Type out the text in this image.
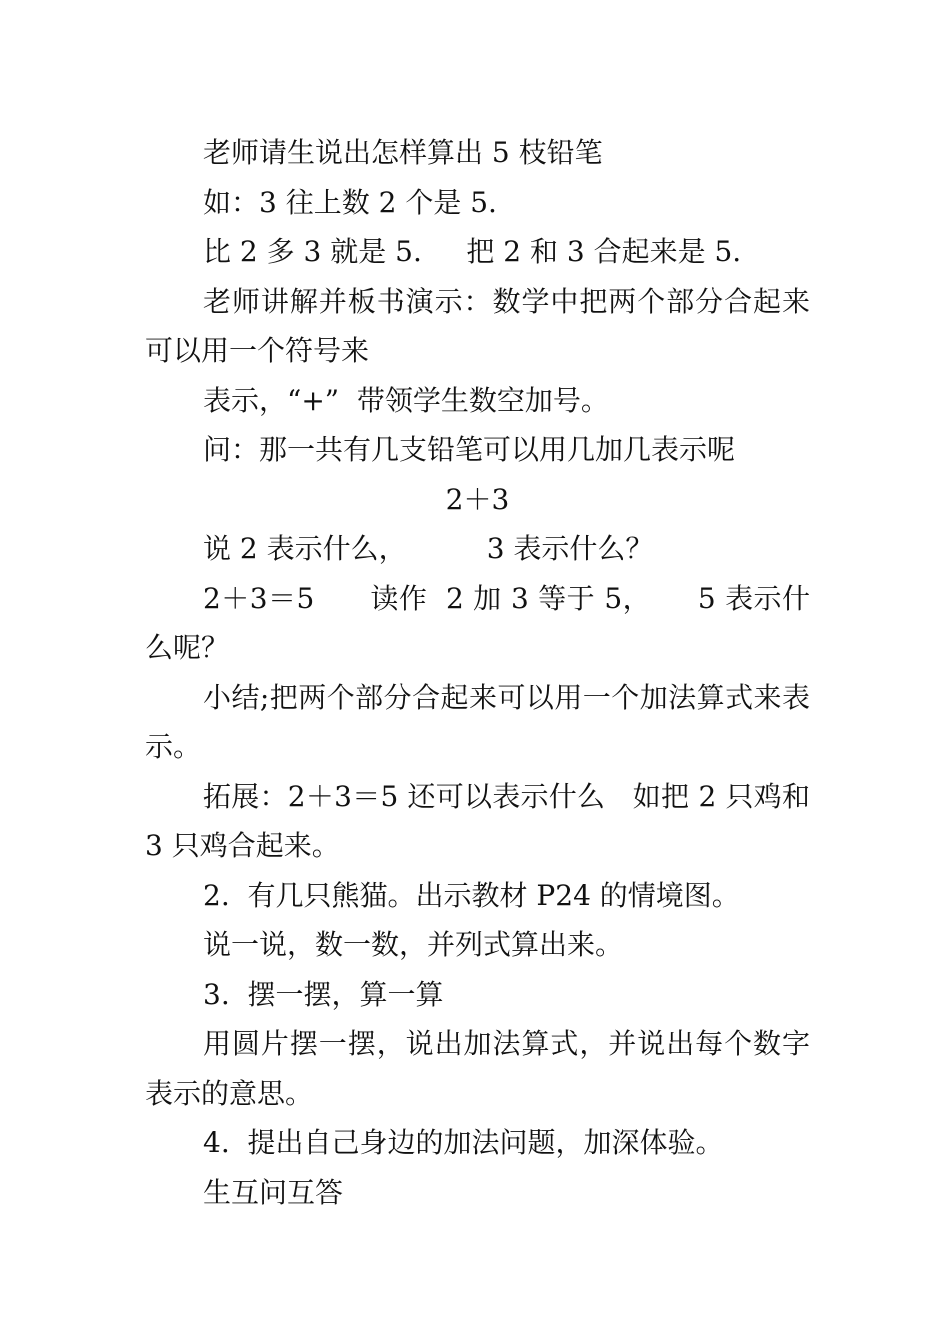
老师请生说出怎样算出 5 枝铅笔

如：3 往上数 2 个是 5.

比 2 多 3 就是 5.     把 2 和 3 合起来是 5.

老师讲解并板书演示：数学中把两个部分合起来可以用一个符号来

表示，“+”  带领学生数空加号。

问：那一共有几支铅笔可以用几加几表示呢

2＋3

说 2 表示什么，         3 表示什么？

2＋3＝5      读作  2 加 3 等于 5，     5 表示什么呢？

小结;把两个部分合起来可以用一个加法算式来表示。

拓展：2＋3＝5 还可以表示什么   如把 2 只鸡和 3 只鸡合起来。

2.  有几只熊猫。出示教材 P24 的情境图。

说一说，数一数，并列式算出来。

3.  摆一摆，算一算

用圆片摆一摆，说出加法算式，并说出每个数字表示的意思。

4.  提出自己身边的加法问题，加深体验。

生互问互答
